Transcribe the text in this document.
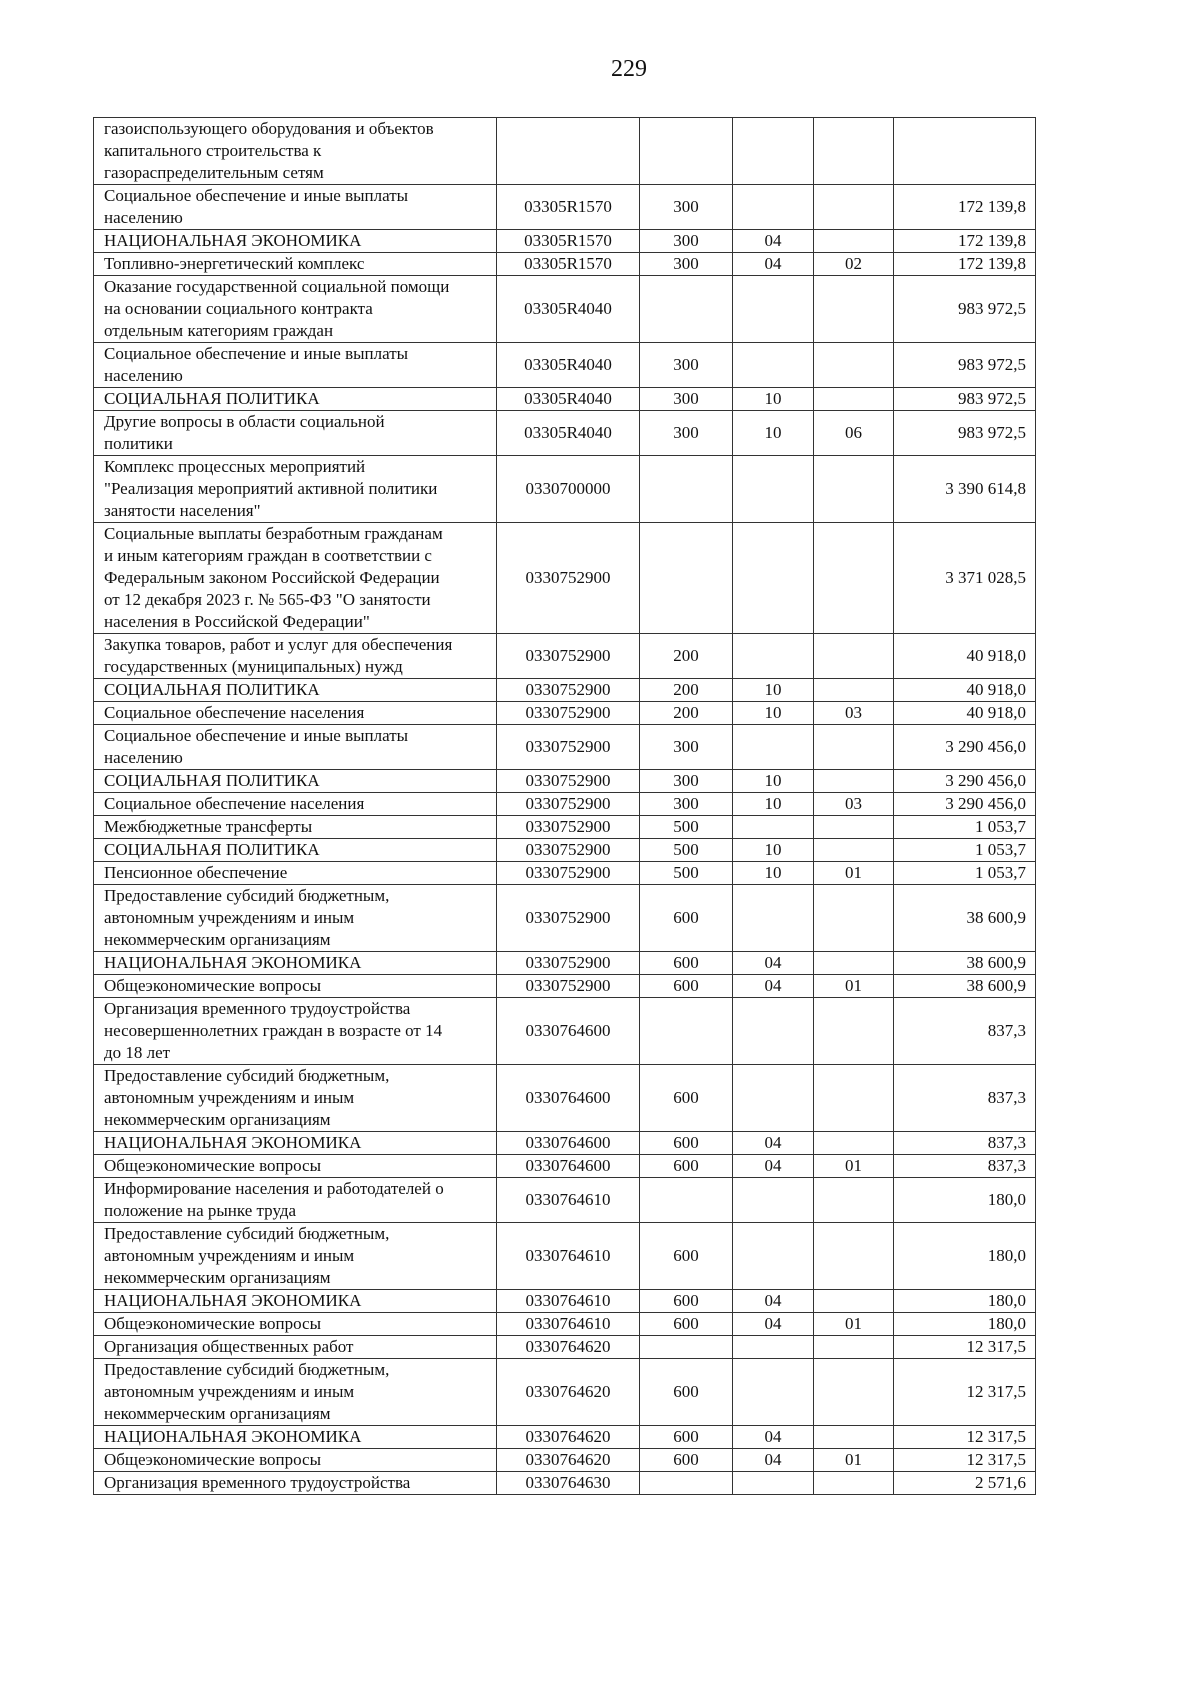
229
газоиспользующего оборудования и объектов
капитального строительства к
газораспределительным сетям					
Социальное обеспечение и иные выплаты
населению	03305R1570	300			172 139,8
НАЦИОНАЛЬНАЯ ЭКОНОМИКА	03305R1570	300	04		172 139,8
Топливно-энергетический комплекс	03305R1570	300	04	02	172 139,8
Оказание государственной социальной помощи
на основании социального контракта
отдельным категориям граждан	03305R4040				983 972,5
Социальное обеспечение и иные выплаты
населению	03305R4040	300			983 972,5
СОЦИАЛЬНАЯ ПОЛИТИКА	03305R4040	300	10		983 972,5
Другие вопросы в области социальной
политики	03305R4040	300	10	06	983 972,5
Комплекс процессных мероприятий
"Реализация мероприятий активной политики
занятости населения"	0330700000				3 390 614,8
Социальные выплаты безработным гражданам
и иным категориям граждан в соответствии с
Федеральным законом Российской Федерации
от 12 декабря 2023 г. № 565-ФЗ "О занятости
населения в Российской Федерации"	0330752900				3 371 028,5
Закупка товаров, работ и услуг для обеспечения
государственных (муниципальных) нужд	0330752900	200			40 918,0
СОЦИАЛЬНАЯ ПОЛИТИКА	0330752900	200	10		40 918,0
Социальное обеспечение населения	0330752900	200	10	03	40 918,0
Социальное обеспечение и иные выплаты
населению	0330752900	300			3 290 456,0
СОЦИАЛЬНАЯ ПОЛИТИКА	0330752900	300	10		3 290 456,0
Социальное обеспечение населения	0330752900	300	10	03	3 290 456,0
Межбюджетные трансферты	0330752900	500			1 053,7
СОЦИАЛЬНАЯ ПОЛИТИКА	0330752900	500	10		1 053,7
Пенсионное обеспечение	0330752900	500	10	01	1 053,7
Предоставление субсидий бюджетным,
автономным учреждениям и иным
некоммерческим организациям	0330752900	600			38 600,9
НАЦИОНАЛЬНАЯ ЭКОНОМИКА	0330752900	600	04		38 600,9
Общеэкономические вопросы	0330752900	600	04	01	38 600,9
Организация временного трудоустройства
несовершеннолетних граждан в возрасте от 14
до 18 лет	0330764600				837,3
Предоставление субсидий бюджетным,
автономным учреждениям и иным
некоммерческим организациям	0330764600	600			837,3
НАЦИОНАЛЬНАЯ ЭКОНОМИКА	0330764600	600	04		837,3
Общеэкономические вопросы	0330764600	600	04	01	837,3
Информирование населения и работодателей о
положение на рынке труда	0330764610				180,0
Предоставление субсидий бюджетным,
автономным учреждениям и иным
некоммерческим организациям	0330764610	600			180,0
НАЦИОНАЛЬНАЯ ЭКОНОМИКА	0330764610	600	04		180,0
Общеэкономические вопросы	0330764610	600	04	01	180,0
Организация общественных работ	0330764620				12 317,5
Предоставление субсидий бюджетным,
автономным учреждениям и иным
некоммерческим организациям	0330764620	600			12 317,5
НАЦИОНАЛЬНАЯ ЭКОНОМИКА	0330764620	600	04		12 317,5
Общеэкономические вопросы	0330764620	600	04	01	12 317,5
Организация временного трудоустройства	0330764630				2 571,6
